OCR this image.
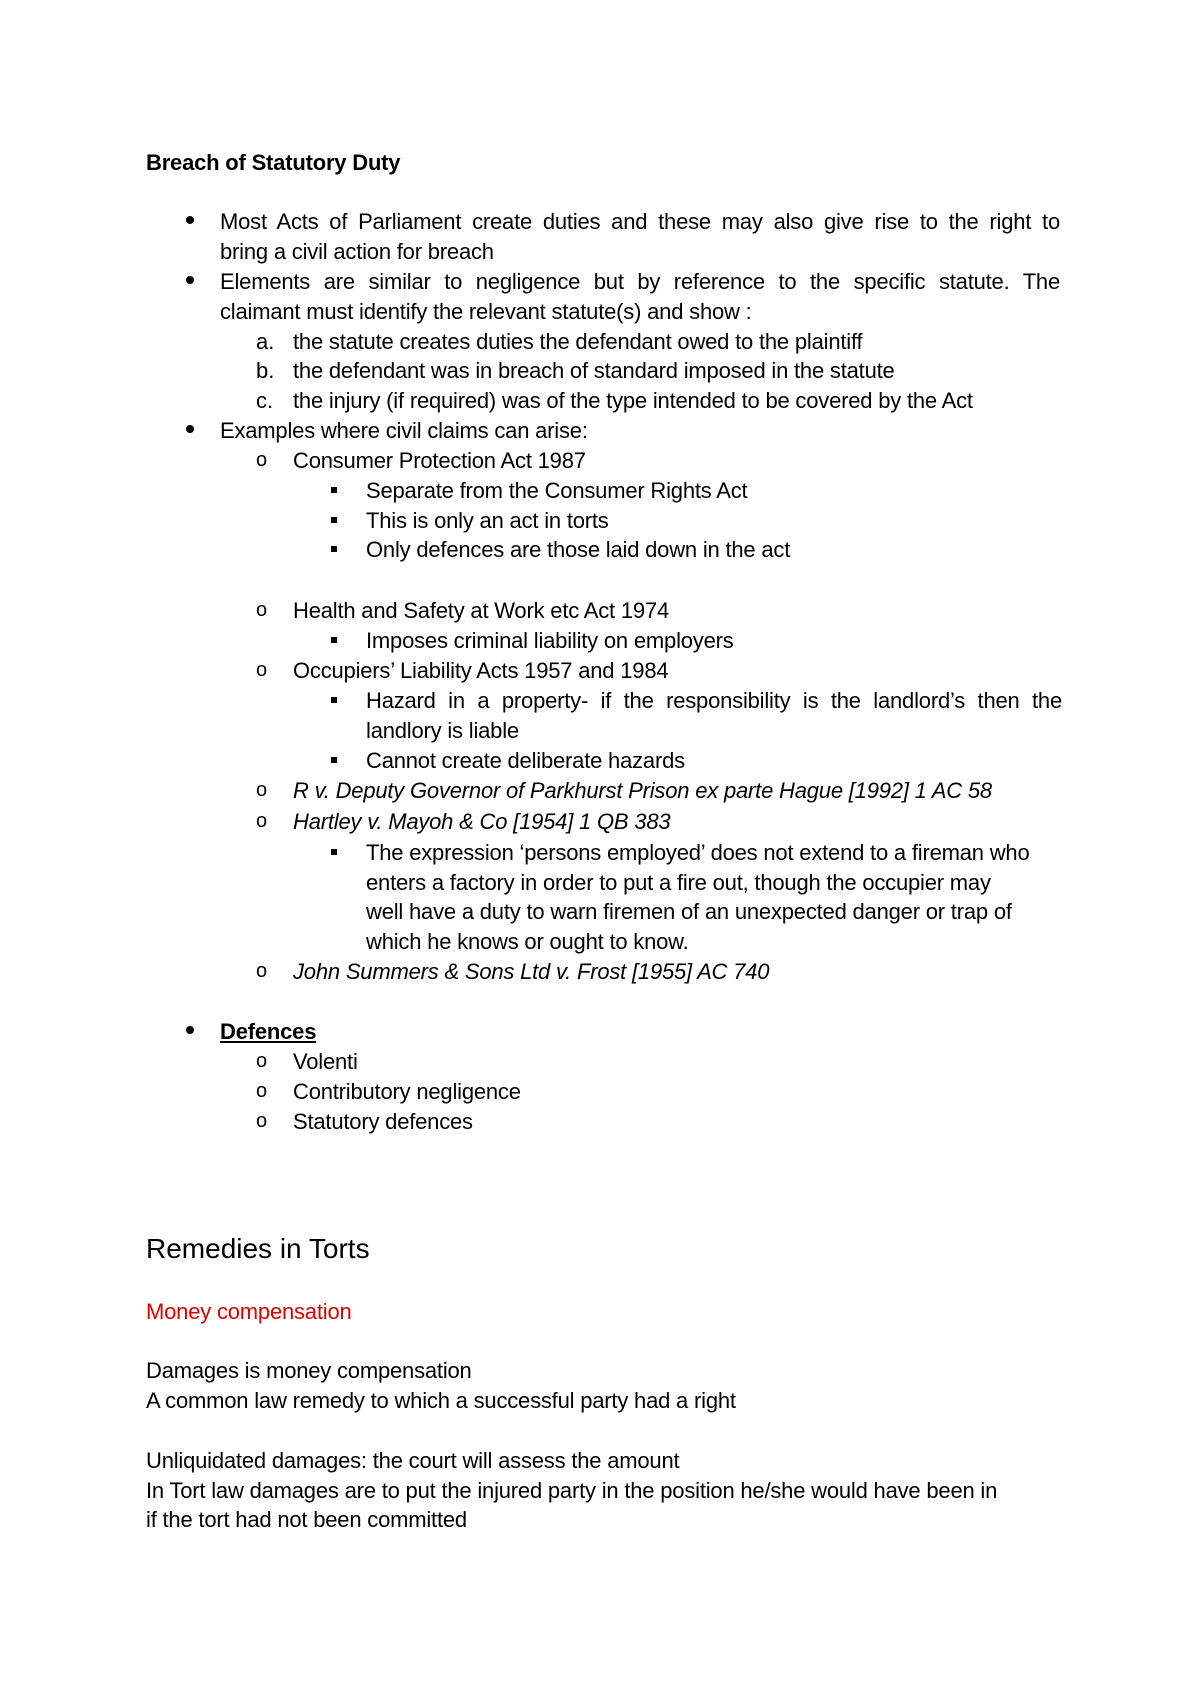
Breach of Statutory Duty
Most Acts of Parliament create duties and these may also give rise to the right to
bring a civil action for breach
Elements are similar to negligence but by reference to the specific statute. The
claimant must identify the relevant statute(s) and show :
a. the statute creates duties the defendant owed to the plaintiff
b. the defendant was in breach of standard imposed in the statute
c. the injury (if required) was of the type intended to be covered by the Act
Examples where civil claims can arise:
o Consumer Protection Act 1987
Separate from the Consumer Rights Act
This is only an act in torts
Only defences are those laid down in the act
o Health and Safety at Work etc Act 1974
Imposes criminal liability on employers
o Occupiers’ Liability Acts 1957 and 1984
Hazard in a property- if the responsibility is the landlord’s then the
landlory is liable
Cannot create deliberate hazards
o R v. Deputy Governor of Parkhurst Prison ex parte Hague [1992] 1 AC 58
o Hartley v. Mayoh & Co [1954] 1 QB 383
The expression ‘persons employed’ does not extend to a fireman who
enters a factory in order to put a fire out, though the occupier may
well have a duty to warn firemen of an unexpected danger or trap of
which he knows or ought to know.
o John Summers & Sons Ltd v. Frost [1955] AC 740
Defences
o Volenti
o Contributory negligence
o Statutory defences
Remedies in Torts
Money compensation
Damages is money compensation
A common law remedy to which a successful party had a right
Unliquidated damages: the court will assess the amount
In Tort law damages are to put the injured party in the position he/she would have been in
if the tort had not been committed
